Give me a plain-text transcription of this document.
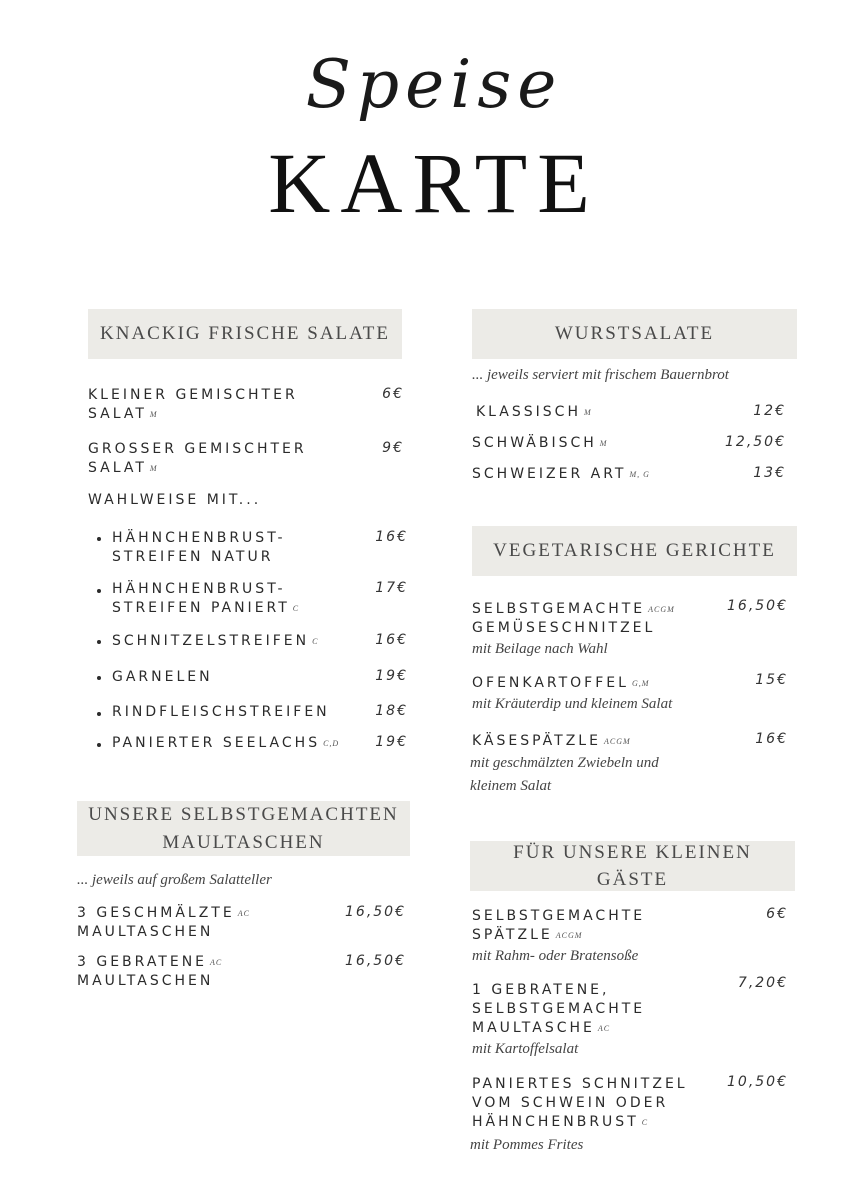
Speise
KARTE
KNACKIG FRISCHE SALATE
KLEINER GEMISCHTER
SALAT M
6€
GROSSER GEMISCHTER
SALAT M
9€
WAHLWEISE MIT...
HÄHNCHENBRUST-
STREIFEN NATUR
16€
HÄHNCHENBRUST-
STREIFEN PANIERT C
17€
SCHNITZELSTREIFEN C	16€
GARNELEN	19€
RINDFLEISCHSTREIFEN	18€
PANIERTER SEELACHS C,D	19€
UNSERE SELBSTGEMACHTEN
MAULTASCHEN
... jeweils auf großem Salatteller
3 GESCHMÄLZTE AC
MAULTASCHEN
16,50€
3 GEBRATENE AC
MAULTASCHEN
16,50€
WURSTSALATE
... jeweils serviert mit frischem Bauernbrot
KLASSISCH M	12€
SCHWÄBISCH M	12,50€
SCHWEIZER ART M, G	13€
VEGETARISCHE GERICHTE
SELBSTGEMACHTE ACGM
GEMÜSESCHNITZEL
mit Beilage nach Wahl
16,50€
OFENKARTOFFEL G,M
mit Kräuterdip und kleinem Salat
15€
KÄSESPÄTZLE ACGM
mit geschmälzten Zwiebeln und
kleinem Salat
16€
FÜR UNSERE KLEINEN
GÄSTE
SELBSTGEMACHTE
SPÄTZLE ACGM
mit Rahm- oder Bratensoße
6€
1 GEBRATENE,
SELBSTGEMACHTE
MAULTASCHE AC
mit Kartoffelsalat
7,20€
PANIERTES SCHNITZEL
VOM SCHWEIN ODER
HÄHNCHENBRUST C
mit Pommes Frites
10,50€
